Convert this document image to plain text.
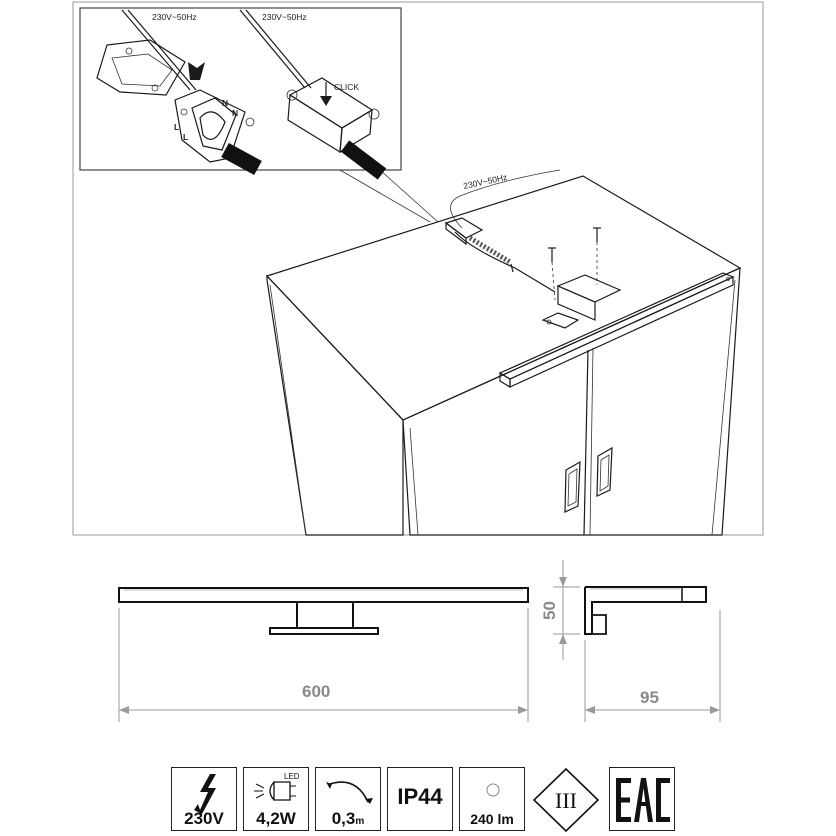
N
N
L
L
230V~50Hz	230V~50Hz
CLICK
230V~50Hz
600
50
95
230V
LED
4,2W	0,3m
IP44
240 lm
III
